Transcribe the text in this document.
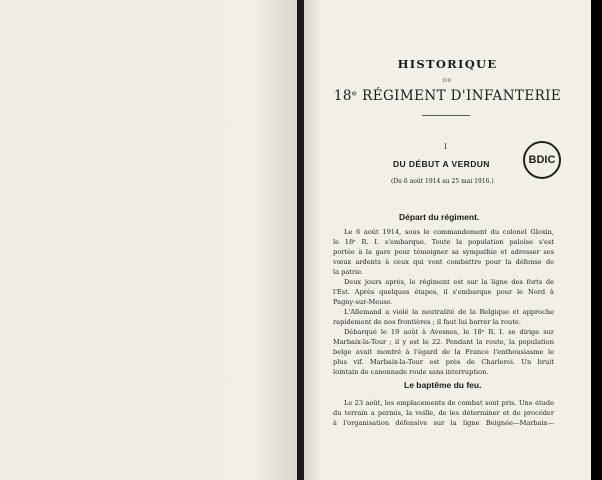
HISTORIQUE
DU
18ᵉ RÉGIMENT D'INFANTERIE
I
DU DÉBUT A VERDUN
(Du 6 août 1914 au 25 mai 1916.)
BDIC
Départ du régiment.
Le 6 août 1914, sous le commandement du colonel Gloxin,
le 18ᵉ R. I. s'embarque. Toute la population paloise s'est
portée à la gare pour témoigner sa sympathie et adresser ses
vœux ardents à ceux qui vont combattre pour la défense de
la patrie.
Deux jours après, le régiment est sur la ligne des forts de
l'Est. Après quelques étapes, il s'embarque pour le Nord à
Pagny-sur-Meuse.
L'Allemand a violé la neutralité de la Belgique et approche
rapidement de nos frontières ; il faut lui barrer la route.
Débarqué le 19 août à Avesnes, le 18ᵉ R. I. se dirige sur
Marbaix-la-Tour ; il y est le 22. Pendant la route, la population
belge avait montré à l'égard de la France l'enthousiasme le
plus vif. Marbaix-la-Tour est près de Charleroi. Un bruit
lointain de canonnade roule sans interruption.
Le baptême du feu.
Le 23 août, les emplacements de combat sont pris. Une étude
du terrain a permis, la veille, de les déterminer et de procéder
à l'organisation défensive sur la ligne Beignée—Marbaix—
